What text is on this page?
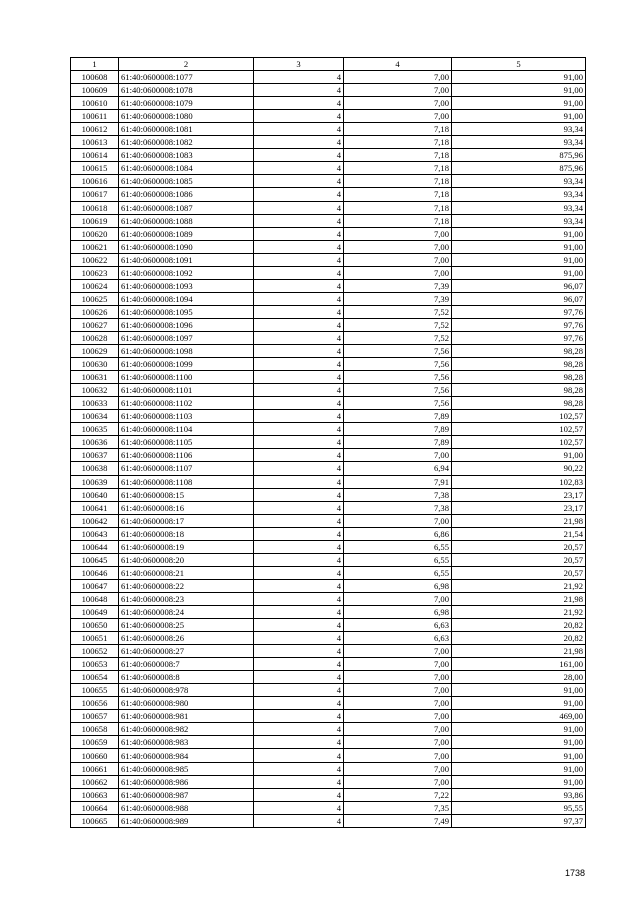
1	2	3	4	5
100608	61:40:0600008:1077	4	7,00	91,00
100609	61:40:0600008:1078	4	7,00	91,00
100610	61:40:0600008:1079	4	7,00	91,00
100611	61:40:0600008:1080	4	7,00	91,00
100612	61:40:0600008:1081	4	7,18	93,34
100613	61:40:0600008:1082	4	7,18	93,34
100614	61:40:0600008:1083	4	7,18	875,96
100615	61:40:0600008:1084	4	7,18	875,96
100616	61:40:0600008:1085	4	7,18	93,34
100617	61:40:0600008:1086	4	7,18	93,34
100618	61:40:0600008:1087	4	7,18	93,34
100619	61:40:0600008:1088	4	7,18	93,34
100620	61:40:0600008:1089	4	7,00	91,00
100621	61:40:0600008:1090	4	7,00	91,00
100622	61:40:0600008:1091	4	7,00	91,00
100623	61:40:0600008:1092	4	7,00	91,00
100624	61:40:0600008:1093	4	7,39	96,07
100625	61:40:0600008:1094	4	7,39	96,07
100626	61:40:0600008:1095	4	7,52	97,76
100627	61:40:0600008:1096	4	7,52	97,76
100628	61:40:0600008:1097	4	7,52	97,76
100629	61:40:0600008:1098	4	7,56	98,28
100630	61:40:0600008:1099	4	7,56	98,28
100631	61:40:0600008:1100	4	7,56	98,28
100632	61:40:0600008:1101	4	7,56	98,28
100633	61:40:0600008:1102	4	7,56	98,28
100634	61:40:0600008:1103	4	7,89	102,57
100635	61:40:0600008:1104	4	7,89	102,57
100636	61:40:0600008:1105	4	7,89	102,57
100637	61:40:0600008:1106	4	7,00	91,00
100638	61:40:0600008:1107	4	6,94	90,22
100639	61:40:0600008:1108	4	7,91	102,83
100640	61:40:0600008:15	4	7,38	23,17
100641	61:40:0600008:16	4	7,38	23,17
100642	61:40:0600008:17	4	7,00	21,98
100643	61:40:0600008:18	4	6,86	21,54
100644	61:40:0600008:19	4	6,55	20,57
100645	61:40:0600008:20	4	6,55	20,57
100646	61:40:0600008:21	4	6,55	20,57
100647	61:40:0600008:22	4	6,98	21,92
100648	61:40:0600008:23	4	7,00	21,98
100649	61:40:0600008:24	4	6,98	21,92
100650	61:40:0600008:25	4	6,63	20,82
100651	61:40:0600008:26	4	6,63	20,82
100652	61:40:0600008:27	4	7,00	21,98
100653	61:40:0600008:7	4	7,00	161,00
100654	61:40:0600008:8	4	7,00	28,00
100655	61:40:0600008:978	4	7,00	91,00
100656	61:40:0600008:980	4	7,00	91,00
100657	61:40:0600008:981	4	7,00	469,00
100658	61:40:0600008:982	4	7,00	91,00
100659	61:40:0600008:983	4	7,00	91,00
100660	61:40:0600008:984	4	7,00	91,00
100661	61:40:0600008:985	4	7,00	91,00
100662	61:40:0600008:986	4	7,00	91,00
100663	61:40:0600008:987	4	7,22	93,86
100664	61:40:0600008:988	4	7,35	95,55
100665	61:40:0600008:989	4	7,49	97,37
1738
